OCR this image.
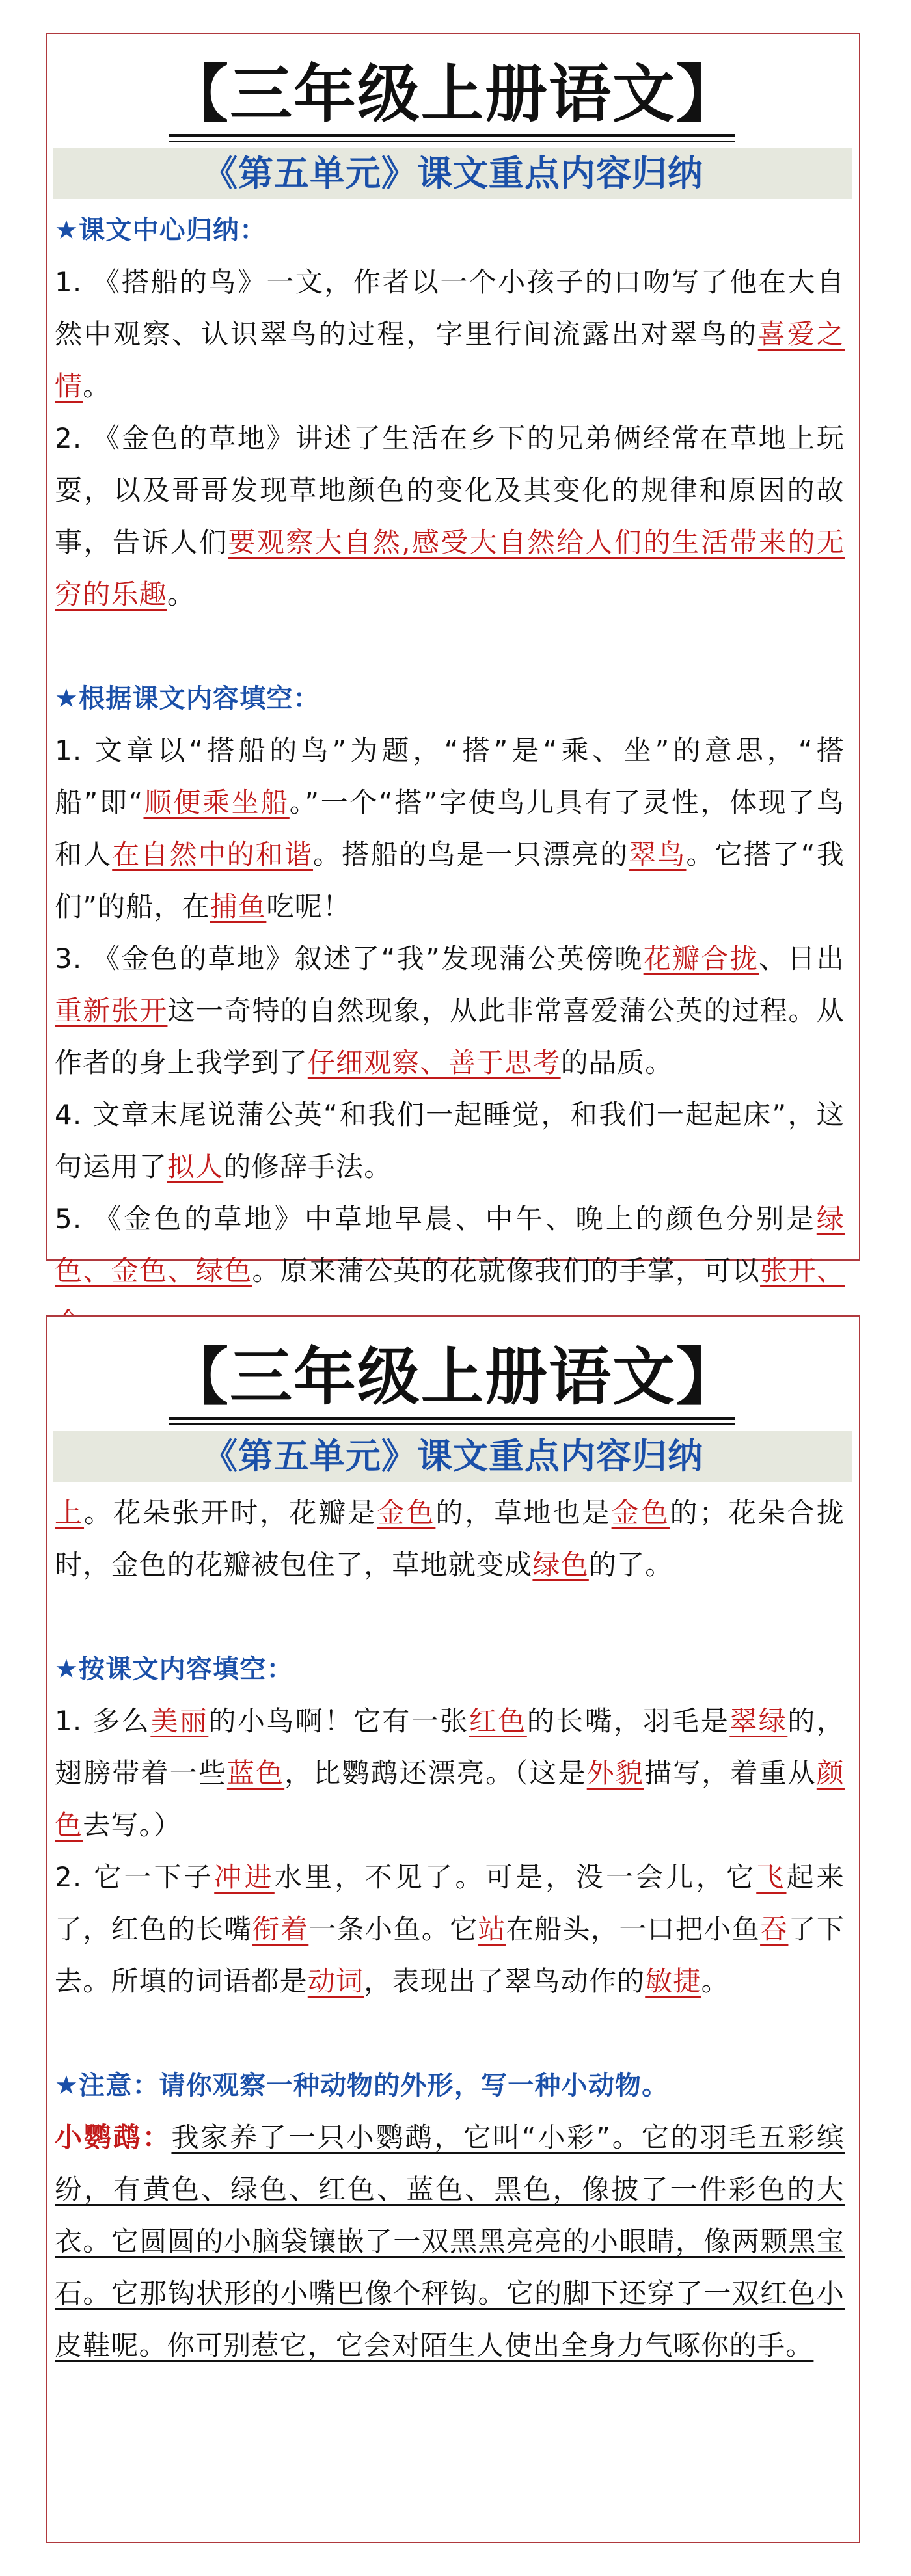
【三年级上册语文】
《第五单元》课文重点内容归纳

★课文中心归纳：

1. 《搭船的鸟》一文，作者以一个小孩子的口吻写了他在大自然中观察、认识翠鸟的过程，字里行间流露出对翠鸟的喜爱之情。

2. 《金色的草地》讲述了生活在乡下的兄弟俩经常在草地上玩耍，以及哥哥发现草地颜色的变化及其变化的规律和原因的故事，告诉人们要观察大自然,感受大自然给人们的生活带来的无穷的乐趣。

★根据课文内容填空：

1. 文章以“搭船的鸟”为题，“搭”是“乘、坐”的意思，“搭船”即“顺便乘坐船。”一个“搭”字使鸟儿具有了灵性，体现了鸟和人在自然中的和谐。搭船的鸟是一只漂亮的翠鸟。它搭了“我们”的船，在捕鱼吃呢！

3. 《金色的草地》叙述了“我”发现蒲公英傍晚花瓣合拢、日出重新张开这一奇特的自然现象，从此非常喜爱蒲公英的过程。从作者的身上我学到了仔细观察、善于思考的品质。

4. 文章末尾说蒲公英“和我们一起睡觉，和我们一起起床”，这句运用了拟人的修辞手法。

5. 《金色的草地》中草地早晨、中午、晚上的颜色分别是绿色、金色、绿色。原来蒲公英的花就像我们的手掌，可以张开、

【三年级上册语文】
《第五单元》课文重点内容归纳

上。花朵张开时，花瓣是金色的，草地也是金色的；花朵合拢时，金色的花瓣被包住了，草地就变成绿色的了。

★按课文内容填空：

1. 多么美丽的小鸟啊！它有一张红色的长嘴，羽毛是翠绿的，翅膀带着一些蓝色，比鹦鹉还漂亮。（这是外貌描写，着重从颜色去写。）

2. 它一下子冲进水里，不见了。可是，没一会儿，它飞起来了，红色的长嘴衔着一条小鱼。它站在船头，一口把小鱼吞了下去。所填的词语都是动词，表现出了翠鸟动作的敏捷。

★注意：请你观察一种动物的外形，写一种小动物。

小鹦鹉：我家养了一只小鹦鹉，它叫“小彩”。它的羽毛五彩缤纷，有黄色、绿色、红色、蓝色、黑色，像披了一件彩色的大衣。它圆圆的小脑袋镶嵌了一双黑黑亮亮的小眼睛，像两颗黑宝石。它那钩状形的小嘴巴像个秤钩。它的脚下还穿了一双红色小皮鞋呢。你可别惹它，它会对陌生人使出全身力气啄你的手。
